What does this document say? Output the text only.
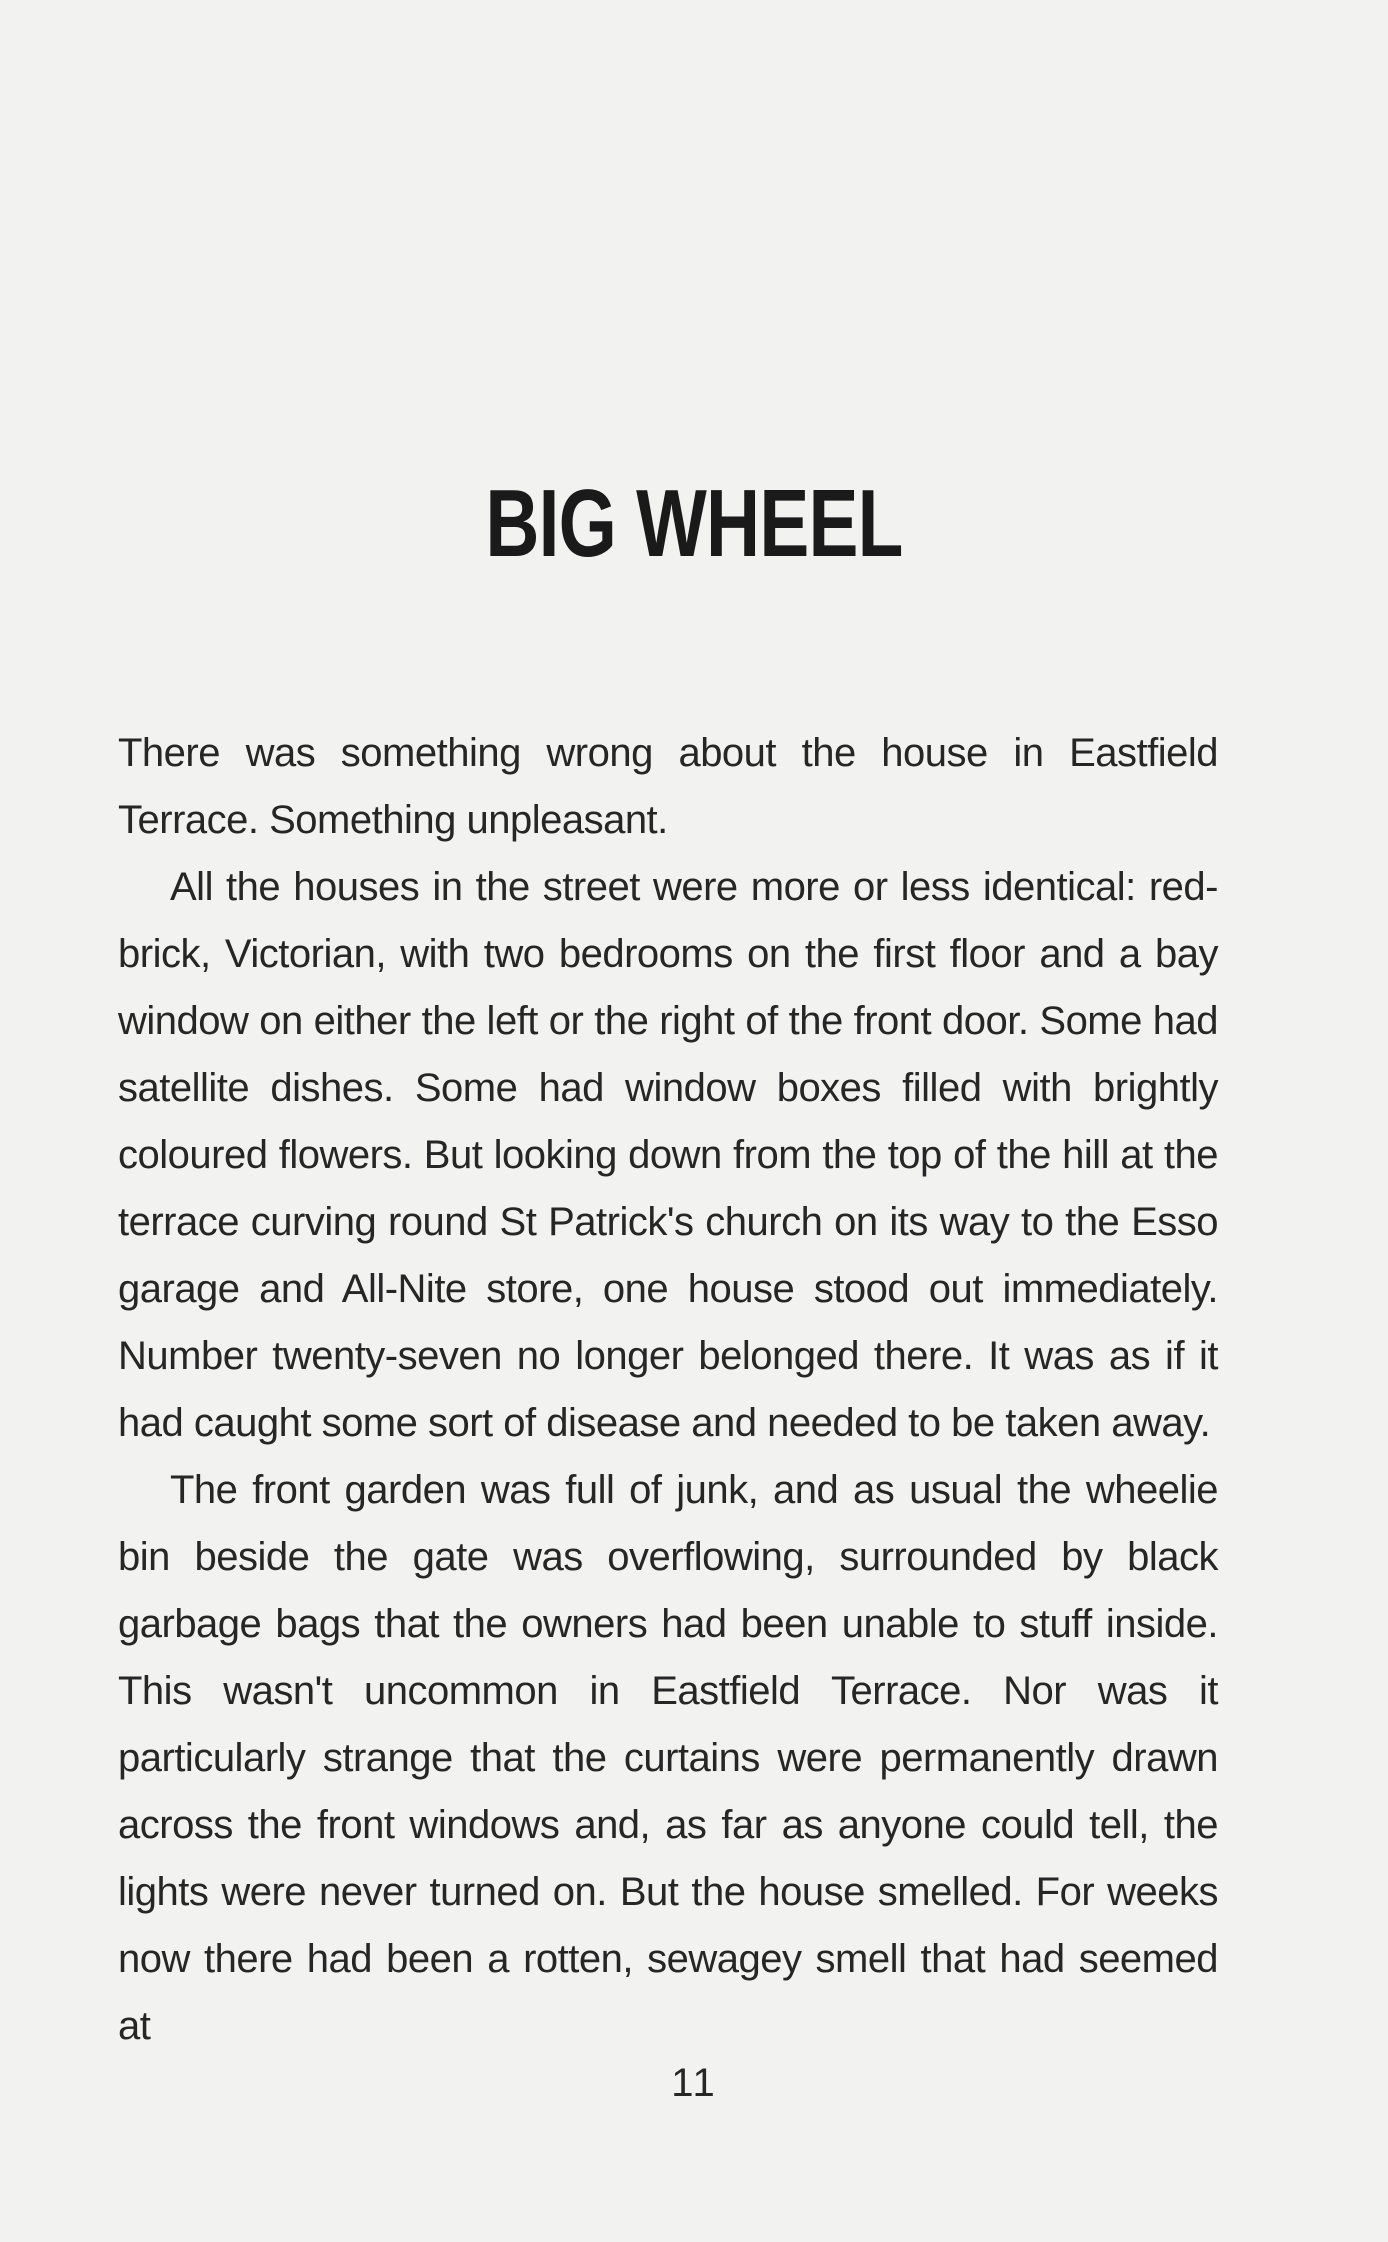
BIG WHEEL

There was something wrong about the house in Eastfield Terrace. Something unpleasant.

All the houses in the street were more or less identical: red-brick, Victorian, with two bedrooms on the first floor and a bay window on either the left or the right of the front door. Some had satellite dishes. Some had window boxes filled with brightly coloured flowers. But looking down from the top of the hill at the terrace curving round St Patrick's church on its way to the Esso garage and All-Nite store, one house stood out immediately. Number twenty-seven no longer belonged there. It was as if it had caught some sort of disease and needed to be taken away.

The front garden was full of junk, and as usual the wheelie bin beside the gate was overflowing, surrounded by black garbage bags that the owners had been unable to stuff inside. This wasn't uncommon in Eastfield Terrace. Nor was it particularly strange that the curtains were permanently drawn across the front windows and, as far as anyone could tell, the lights were never turned on. But the house smelled. For weeks now there had been a rotten, sewagey smell that had seemed at

11
